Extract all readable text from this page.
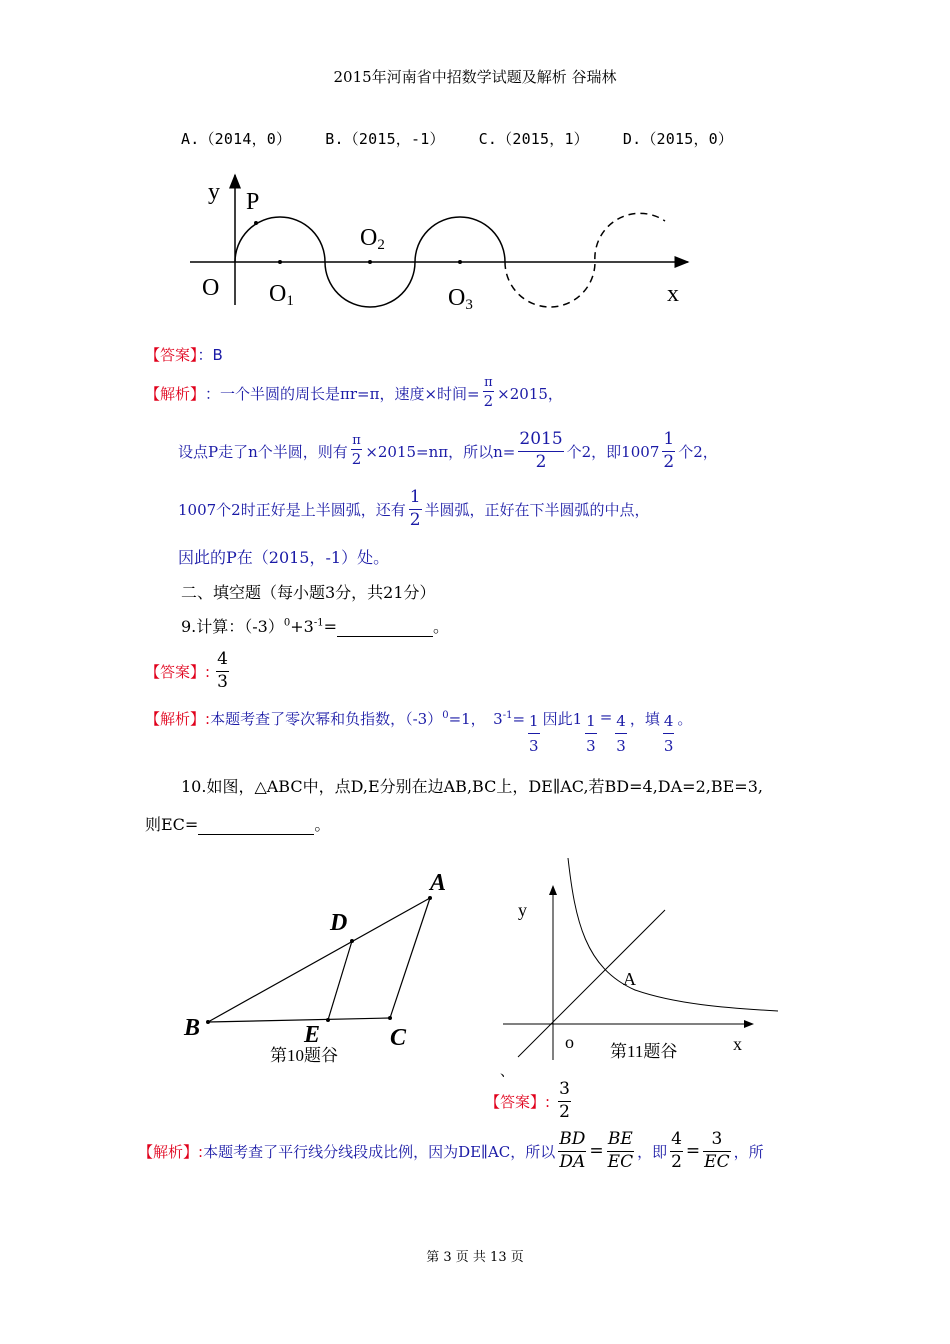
2015年河南省中招数学试题及解析 谷瑞林
A.（2014，0） B.（2015，-1） C.（2015，1） D.（2015，0）
y P
O O1
O2
O3	x
【答案】：B
【解析】 ：一个半圆的周长是πr=π，速度×时间= $\frac{\pi}{2} \times 2015$，
设点P走了n个半圆，则有 $\frac{\pi}{2} \times 2015=n\pi$，所以$n= \frac{2015}{2}$ 个2，即$1007 \frac{1}{2}$ 个2，
1007个2时正好是上半圆弧，还有 $\frac{1}{2}$ 半圆弧，正好在下半圆弧的中点，
因此的P在（2015，-1）处。
二、填空题（每小题3分，共21分）
9.计算：$(-3)^0+3^{-1}=$	。
【答案】: $\frac{4}{3}$
【解析】: 本题考查了零次幂和负指数，$(-3)^0=1$，　$3^{-1}= \frac{1}{3}$ 因此$1 \frac{1}{3} = \frac{4}{3}$ ，填 $\frac{4}{3}$ 。
10.如图，△ABC中，点D,E分别在边AB,BC上，DE∥AC,若BD=4,DA=2,BE=3,
则EC=	。
A
D
B	E	C
第10题谷
y
A
o	x
第11题谷
、
【答案】: $\frac{3}{2}$
【解析】: 本题考查了平行线分线段成比例，因为DE∥AC，所以 $\frac{BD}{DA} = \frac{BE}{EC}$ ，即 $\frac{4}{2} = \frac{3}{EC}$ ，所
第 3 页 共 13 页
